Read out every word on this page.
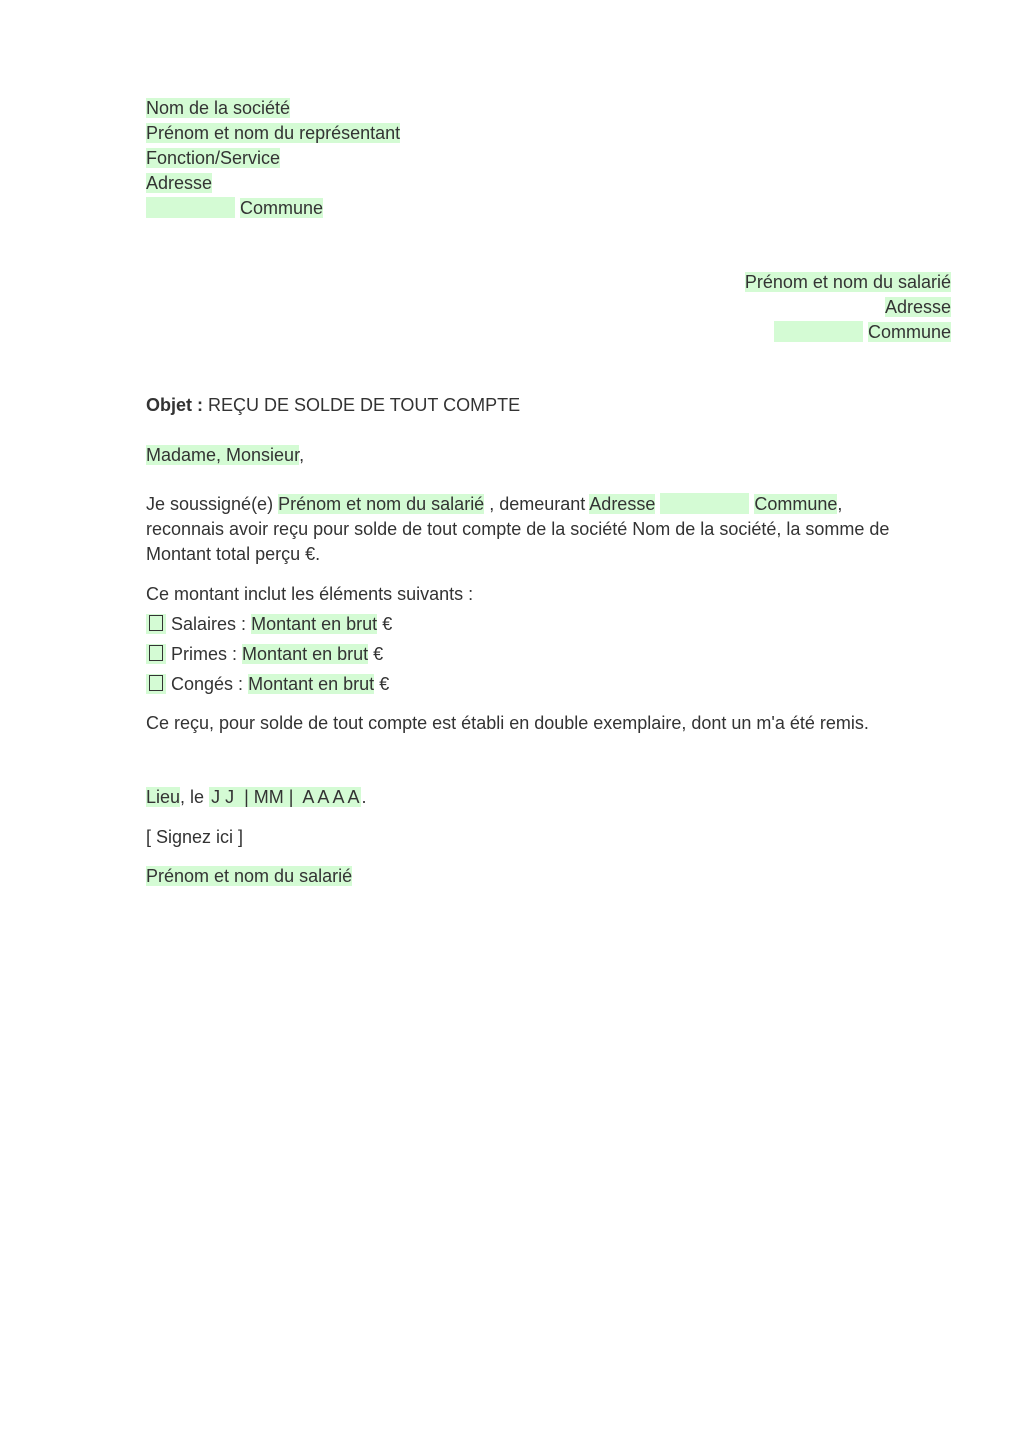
Nom de la société
Prénom et nom du représentant
Fonction/Service
Adresse
Commune
Prénom et nom du salarié
Adresse
Commune
Objet : REÇU DE SOLDE DE TOUT COMPTE
Madame, Monsieur,
Je soussigné(e) Prénom et nom du salarié , demeurant Adresse	Commune,
reconnais avoir reçu pour solde de tout compte de la société Nom de la société, la somme de Montant total perçu €.
Ce montant inclut les éléments suivants :
Salaires : Montant en brut €
Primes : Montant en brut €
Congés : Montant en brut €
Ce reçu, pour solde de tout compte est établi en double exemplaire, dont un m'a été remis.
Lieu, le J J  | MM |  A A A A .
[ Signez ici ]
Prénom et nom du salarié
